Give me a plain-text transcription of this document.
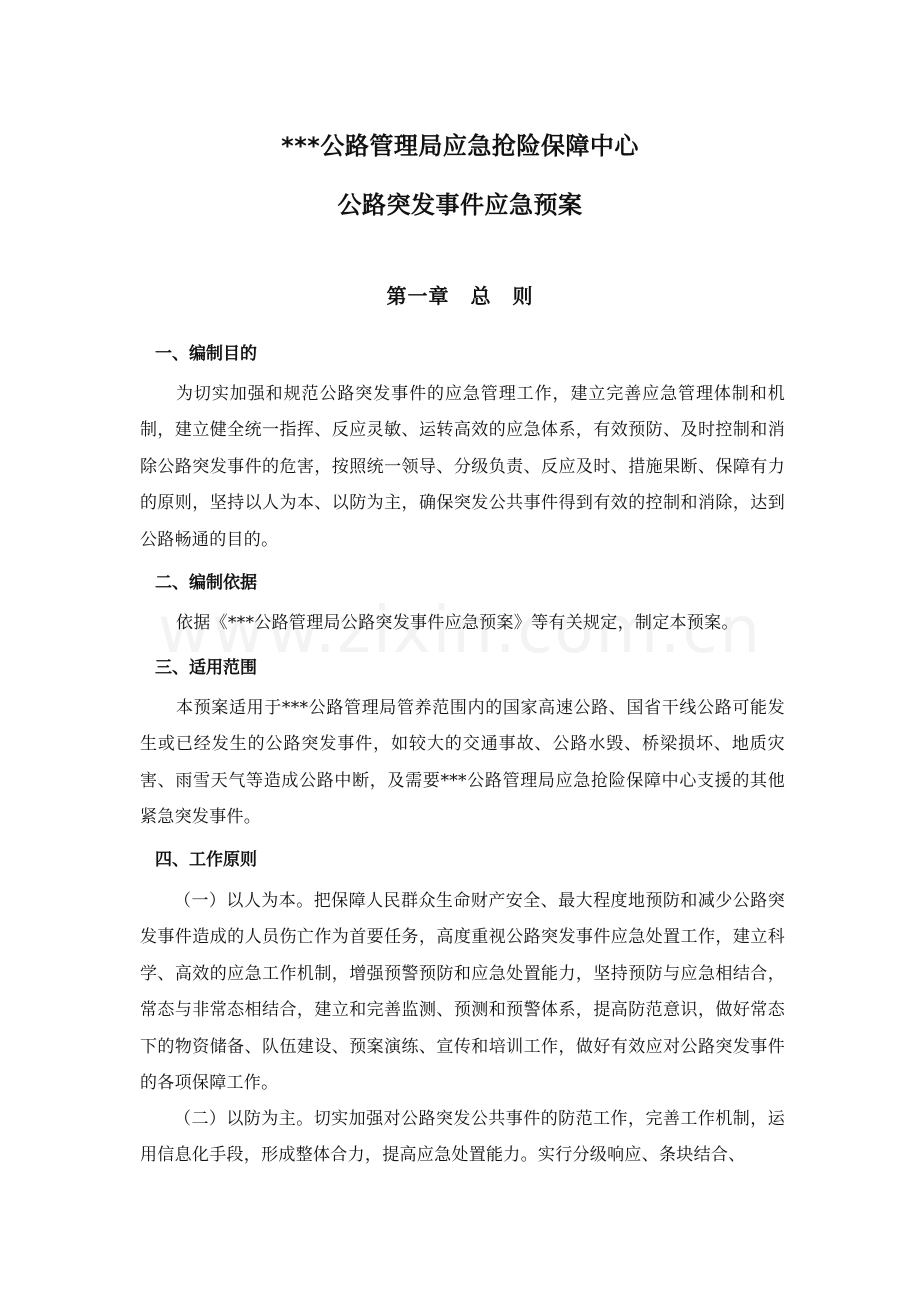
***公路管理局应急抢险保障中心
公路突发事件应急预案
第一章　总　则
一、编制目的

为切实加强和规范公路突发事件的应急管理工作，建立完善应急管理体制和机制，建立健全统一指挥、反应灵敏、运转高效的应急体系，有效预防、及时控制和消除公路突发事件的危害，按照统一领导、分级负责、反应及时、措施果断、保障有力的原则，坚持以人为本、以防为主，确保突发公共事件得到有效的控制和消除，达到公路畅通的目的。

二、编制依据

依据《***公路管理局公路突发事件应急预案》等有关规定，制定本预案。

三、适用范围

本预案适用于***公路管理局管养范围内的国家高速公路、国省干线公路可能发生或已经发生的公路突发事件，如较大的交通事故、公路水毁、桥梁损坏、地质灾害、雨雪天气等造成公路中断，及需要***公路管理局应急抢险保障中心支援的其他紧急突发事件。

四、工作原则

（一）以人为本。把保障人民群众生命财产安全、最大程度地预防和减少公路突发事件造成的人员伤亡作为首要任务，高度重视公路突发事件应急处置工作，建立科学、高效的应急工作机制，增强预警预防和应急处置能力，坚持预防与应急相结合，常态与非常态相结合，建立和完善监测、预测和预警体系，提高防范意识，做好常态下的物资储备、队伍建设、预案演练、宣传和培训工作，做好有效应对公路突发事件的各项保障工作。

（二）以防为主。切实加强对公路突发公共事件的防范工作，完善工作机制，运用信息化手段，形成整体合力，提高应急处置能力。实行分级响应、条块结合、
